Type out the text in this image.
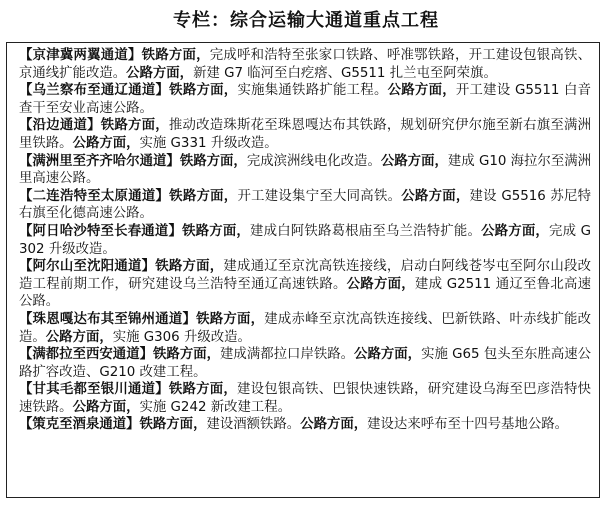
专栏：综合运输大通道重点工程

【京津冀两翼通道】铁路方面，完成呼和浩特至张家口铁路、呼准鄂铁路，开工建设包银高铁、京通线扩能改造。公路方面，新建 G7 临河至白疙瘩、G5511 扎兰屯至阿荣旗。

【乌兰察布至通辽通道】铁路方面，实施集通铁路扩能工程。公路方面，开工建设 G5511 白音查干至安业高速公路。

【沿边通道】铁路方面，推动改造珠斯花至珠恩嘎达布其铁路，规划研究伊尔施至新右旗至满洲里铁路。公路方面，实施 G331 升级改造。

【满洲里至齐齐哈尔通道】铁路方面，完成滨洲线电化改造。公路方面，建成 G10 海拉尔至满洲里高速公路。

【二连浩特至太原通道】铁路方面，开工建设集宁至大同高铁。公路方面，建设 G5516 苏尼特右旗至化德高速公路。

【阿日哈沙特至长春通道】铁路方面，建成白阿铁路葛根庙至乌兰浩特扩能。公路方面，完成 G302 升级改造。

【阿尔山至沈阳通道】铁路方面，建成通辽至京沈高铁连接线，启动白阿线苍岑屯至阿尔山段改造工程前期工作，研究建设乌兰浩特至通辽高速铁路。公路方面，建成 G2511 通辽至鲁北高速公路。

【珠恩嘎达布其至锦州通道】铁路方面，建成赤峰至京沈高铁连接线、巴新铁路、叶赤线扩能改造。公路方面，实施 G306 升级改造。

【满都拉至西安通道】铁路方面，建成满都拉口岸铁路。公路方面，实施 G65 包头至东胜高速公路扩容改造、G210 改建工程。

【甘其毛都至银川通道】铁路方面，建设包银高铁、巴银快速铁路，研究建设乌海至巴彦浩特快速铁路。公路方面，实施 G242 新改建工程。

【策克至酒泉通道】铁路方面，建设酒额铁路。公路方面，建设达来呼布至十四号基地公路。
